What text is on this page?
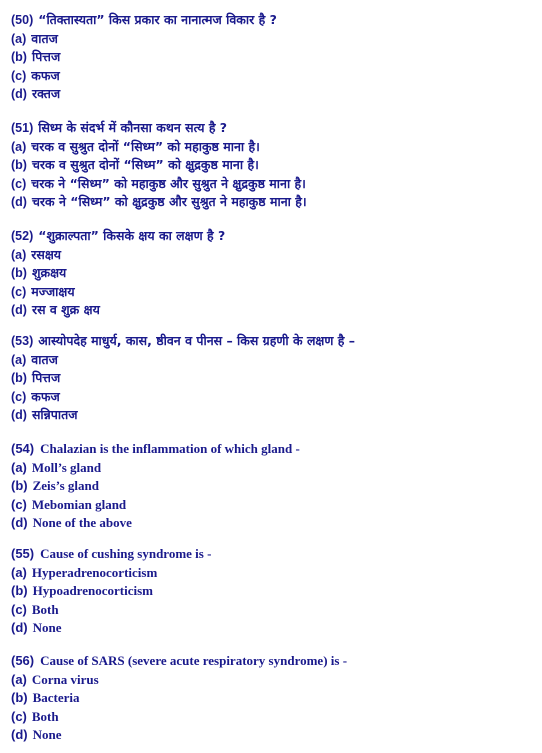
(50) “तिक्तास्यता” किस प्रकार का नानात्मज विकार है ?
(a) वातज
(b) पित्तज
(c) कफज
(d) रक्तज
(51) सिध्म के संदर्भ में कौनसा कथन सत्य है ?
(a) चरक व सुश्रुत दोनों “सिध्म” को महाकुष्ठ माना है।
(b) चरक व सुश्रुत दोनों “सिध्म” को क्षुद्रकुष्ठ माना है।
(c) चरक ने “सिध्म” को महाकुष्ठ और सुश्रुत ने क्षुद्रकुष्ठ माना है।
(d) चरक ने “सिध्म” को क्षुद्रकुष्ठ और सुश्रुत ने महाकुष्ठ माना है।
(52) “शुक्राल्पता” किसके क्षय का लक्षण है ?
(a) रसक्षय
(b) शुक्रक्षय
(c) मज्जाक्षय
(d) रस व शुक्र क्षय
(53) आस्योपदेह माधुर्य, कास, ष्ठीवन व पीनस – किस ग्रहणी के लक्षण है –
(a) वातज
(b) पित्तज
(c) कफज
(d) सन्निपातज
(54) Chalazian is the inflammation of which gland -
(a) Moll’s gland
(b) Zeis’s gland
(c) Mebomian gland
(d) None of the above
(55) Cause of cushing syndrome is -
(a) Hyperadrenocorticism
(b) Hypoadrenocorticism
(c) Both
(d) None
(56) Cause of SARS (severe acute respiratory syndrome) is -
(a) Corna virus
(b) Bacteria
(c) Both
(d) None
